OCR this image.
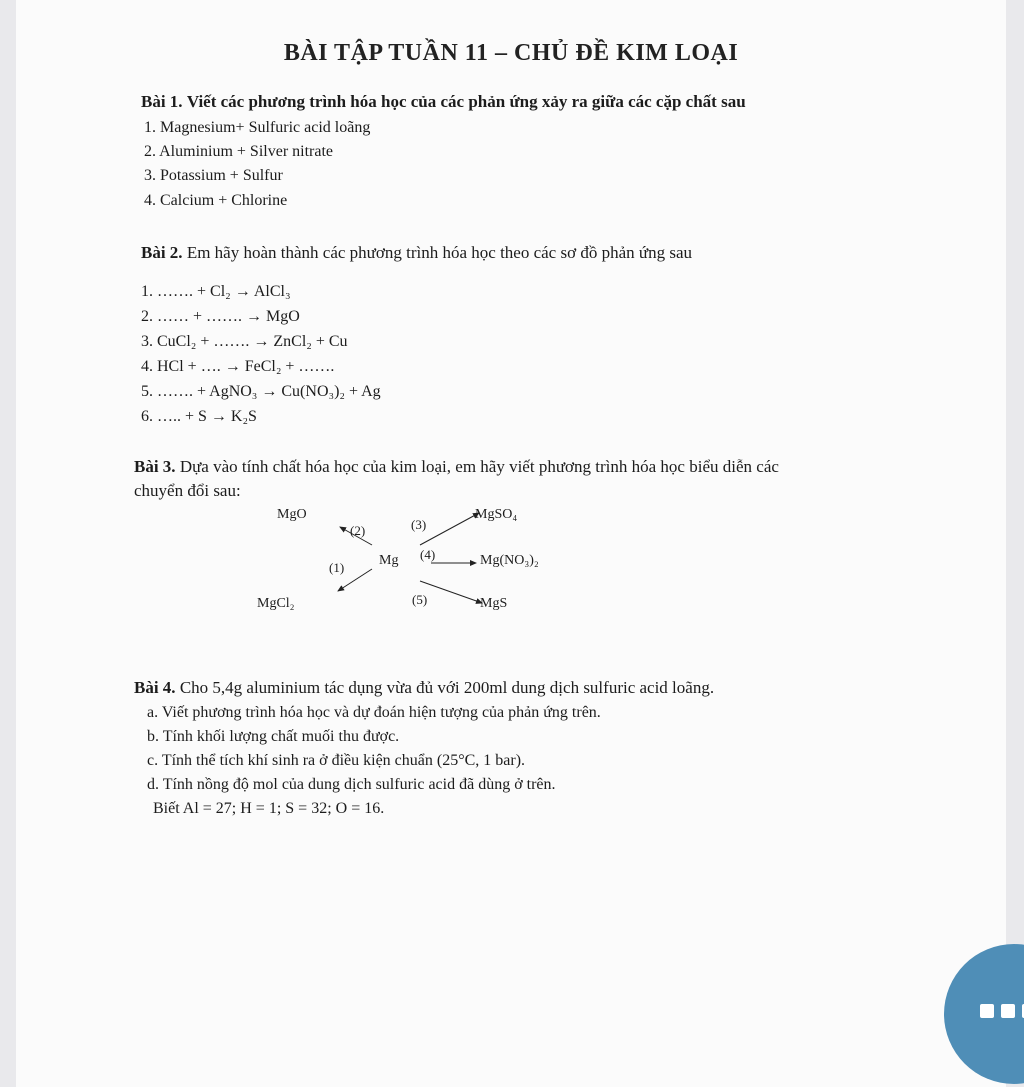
BÀI TẬP TUẦN 11 – CHỦ ĐỀ KIM LOẠI
Bài 1. Viết các phương trình hóa học của các phản ứng xảy ra giữa các cặp chất sau
1. Magnesium+ Sulfuric acid loãng
2. Aluminium + Silver nitrate
3. Potassium + Sulfur
4. Calcium + Chlorine
Bài 2. Em hãy hoàn thành các phương trình hóa học theo các sơ đồ phản ứng sau
1. ……. + Cl₂ → AlCl₃
2. …… + ……. → MgO
3. CuCl₂ + ……. → ZnCl₂ + Cu
4. HCl + …. → FeCl₂ + …….
5. ……. + AgNO₃ → Cu(NO₃)₂ + Ag
6. ….. + S → K₂S
Bài 3. Dựa vào tính chất hóa học của kim loại, em hãy viết phương trình hóa học biểu diễn các
chuyển đổi sau:
MgO	MgSO₄
Mg	Mg(NO₃)₂
MgCl₂	MgS
(2)	(3)
(1)
(4)
(5)
Bài 4. Cho 5,4g aluminium tác dụng vừa đủ với 200ml dung dịch sulfuric acid loãng.
a. Viết phương trình hóa học và dự đoán hiện tượng của phản ứng trên.
b. Tính khối lượng chất muối thu được.
c. Tính thể tích khí sinh ra ở điều kiện chuẩn (25°C, 1 bar).
d. Tính nồng độ mol của dung dịch sulfuric acid đã dùng ở trên.
Biết Al = 27; H = 1; S = 32; O = 16.
